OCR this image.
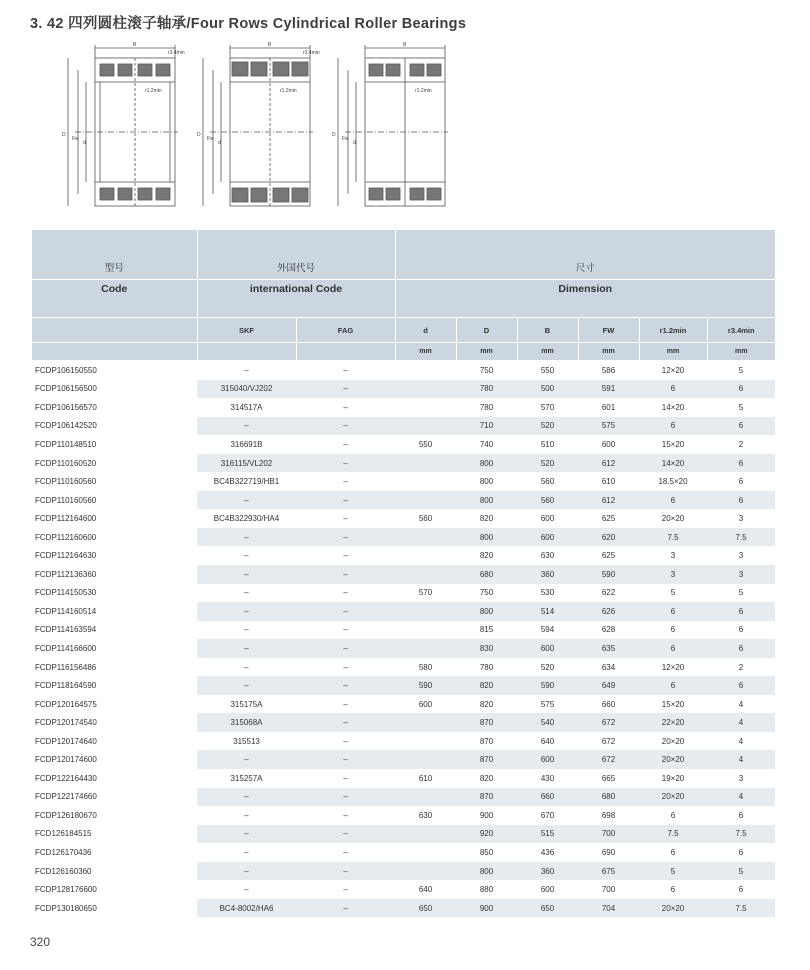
3. 42 四列圆柱滚子轴承/Four Rows Cylindrical Roller Bearings
B
D
Fw
d
r1.2min
r3.4min
B
D
Fw
d
r1.2min
r3.4min
B
D
Fw
d
r1.2min
型号	外国代号		尺寸					
Code	international Code		Dimension					
	SKF	FAG	d	D	B	FW	r1.2min	r3.4min
			mm	mm	mm	mm	mm	mm
FCDP106150550	–	–		750	550	586	12×20	5
FCDP106156500	315040/VJ202	–		780	500	591	6	6
FCDP106156570	314517A	–		780	570	601	14×20	5
FCDP106142520	–	–		710	520	575	6	6
FCDP110148510	316691B	–	550	740	510	600	15×20	2
FCDP110160520	316115/VL202	–		800	520	612	14×20	6
FCDP110160560	BC4B322719/HB1	–		800	560	610	18.5×20	6
FCDP110160560	–	–		800	560	612	6	6
FCDP112164600	BC4B322930/HA4	–	560	820	600	625	20×20	3
FCDP112160600	–	–		800	600	620	7.5	7.5
FCDP112164630	–	–		820	630	625	3	3
FCDP112136360	–	–		680	360	590	3	3
FCDP114150530	–	–	570	750	530	622	5	5
FCDP114160514	–	–		800	514	626	6	6
FCDP114163594	–	–		815	594	628	6	6
FCDP114166600	–	–		830	600	635	6	6
FCDP116156486	–	–	580	780	520	634	12×20	2
FCDP118164590	–	–	590	820	590	649	6	6
FCDP120164575	315175A	–	600	820	575	660	15×20	4
FCDP120174540	315068A	–		870	540	672	22×20	4
FCDP120174640	315513	–		870	640	672	20×20	4
FCDP120174600	–	–		870	600	672	20×20	4
FCDP122164430	315257A	–	610	820	430	665	19×20	3
FCDP122174660	–	–		870	660	680	20×20	4
FCDP126180670	–	–	630	900	670	698	6	6
FCD126184515	–	–		920	515	700	7.5	7.5
FCD126170436	–	–		850	436	690	6	6
FCD126160360	–	–		800	360	675	5	5
FCDP128176600	–	–	640	880	600	700	6	6
FCDP130180650	BC4-8002/HA6	–	650	900	650	704	20×20	7.5
320
